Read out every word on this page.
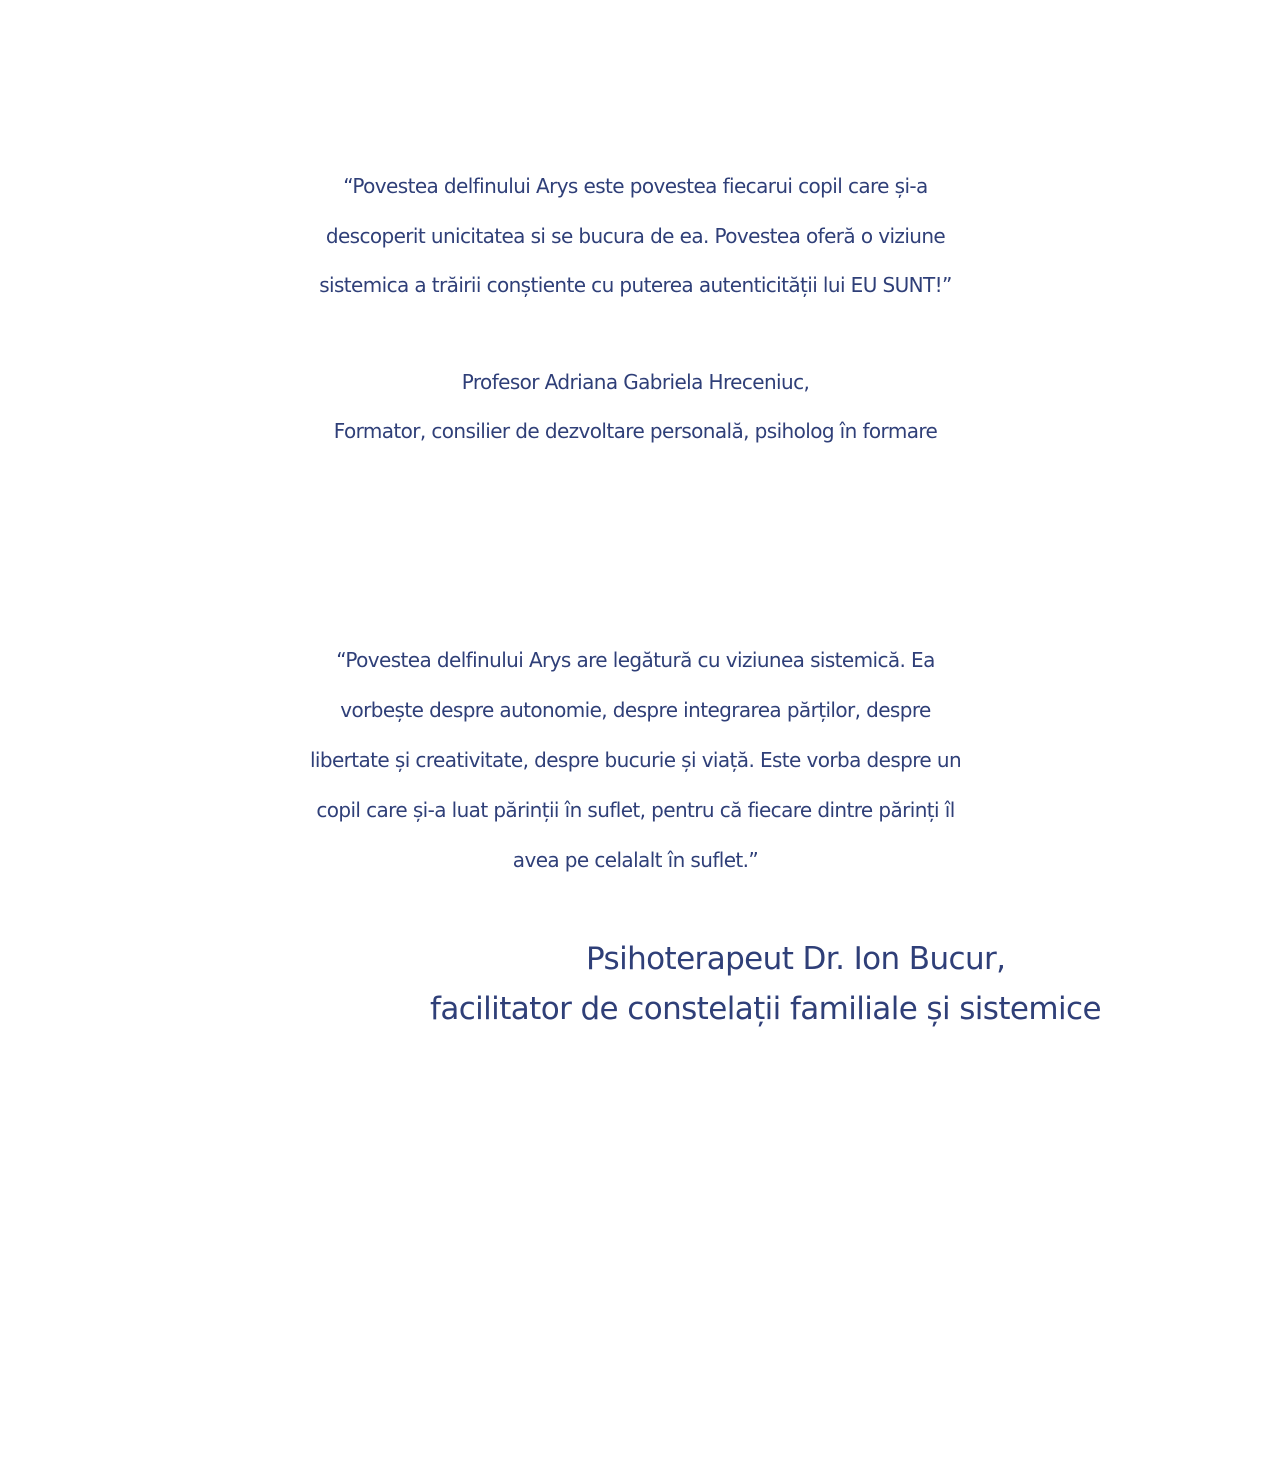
“Povestea delfinului Arys este povestea fiecarui copil care și-a
descoperit unicitatea si se bucura de ea. Povestea oferă o viziune
sistemica a trăirii conștiente cu puterea autenticității lui EU SUNT!”
Profesor Adriana Gabriela Hreceniuc,
Formator, consilier de dezvoltare personală, psiholog în formare
“Povestea delfinului Arys are legătură cu viziunea sistemică. Ea
vorbește despre autonomie, despre integrarea părților, despre
libertate și creativitate, despre bucurie și viață. Este vorba despre un
copil care și-a luat părinții în suflet, pentru că fiecare dintre părinți îl
avea pe celalalt în suflet.”
Psihoterapeut Dr. Ion Bucur,
facilitator de constelații familiale și sistemice
